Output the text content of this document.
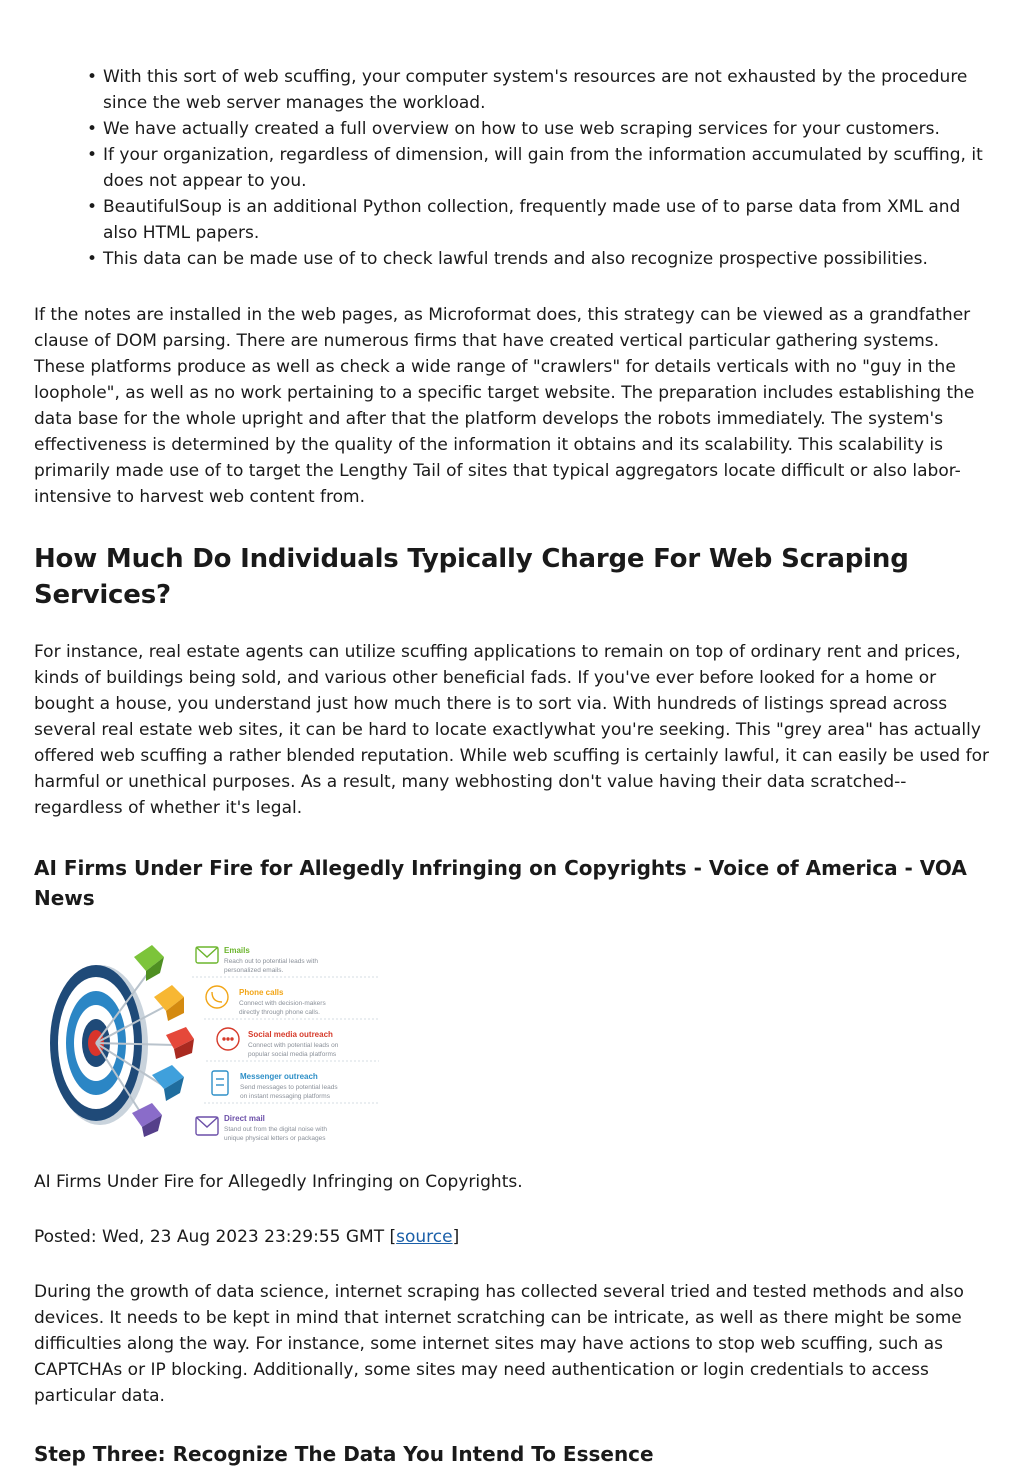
• With this sort of web scuffing, your computer system's resources are not exhausted by the procedure since the web server manages the workload.
• We have actually created a full overview on how to use web scraping services for your customers.
• If your organization, regardless of dimension, will gain from the information accumulated by scuffing, it does not appear to you.
• BeautifulSoup is an additional Python collection, frequently made use of to parse data from XML and also HTML papers.
• This data can be made use of to check lawful trends and also recognize prospective possibilities.

If the notes are installed in the web pages, as Microformat does, this strategy can be viewed as a grandfather clause of DOM parsing. There are numerous firms that have created vertical particular gathering systems. These platforms produce as well as check a wide range of "crawlers" for details verticals with no "guy in the loophole", as well as no work pertaining to a specific target website. The preparation includes establishing the data base for the whole upright and after that the platform develops the robots immediately. The system's effectiveness is determined by the quality of the information it obtains and its scalability. This scalability is primarily made use of to target the Lengthy Tail of sites that typical aggregators locate difficult or also labor-intensive to harvest web content from.

How Much Do Individuals Typically Charge For Web Scraping Services?

For instance, real estate agents can utilize scuffing applications to remain on top of ordinary rent and prices, kinds of buildings being sold, and various other beneficial fads. If you've ever before looked for a home or bought a house, you understand just how much there is to sort via. With hundreds of listings spread across several real estate web sites, it can be hard to locate exactlywhat you're seeking. This "grey area" has actually offered web scuffing a rather blended reputation. While web scuffing is certainly lawful, it can easily be used for harmful or unethical purposes. As a result, many webhosting don't value having their data scratched-- regardless of whether it's legal.

AI Firms Under Fire for Allegedly Infringing on Copyrights - Voice of America - VOA News
Emails
Reach out to potential leads with
personalized emails.
Phone calls
Connect with decision-makers
directly through phone calls.
Social media outreach
Connect with potential leads on
popular social media platforms
Messenger outreach
Send messages to potential leads
on instant messaging platforms
Direct mail
Stand out from the digital noise with
unique physical letters or packages

AI Firms Under Fire for Allegedly Infringing on Copyrights.

Posted: Wed, 23 Aug 2023 23:29:55 GMT [source]

During the growth of data science, internet scraping has collected several tried and tested methods and also devices. It needs to be kept in mind that internet scratching can be intricate, as well as there might be some difficulties along the way. For instance, some internet sites may have actions to stop web scuffing, such as CAPTCHAs or IP blocking. Additionally, some sites may need authentication or login credentials to access particular data.

Step Three: Recognize The Data You Intend To Essence
